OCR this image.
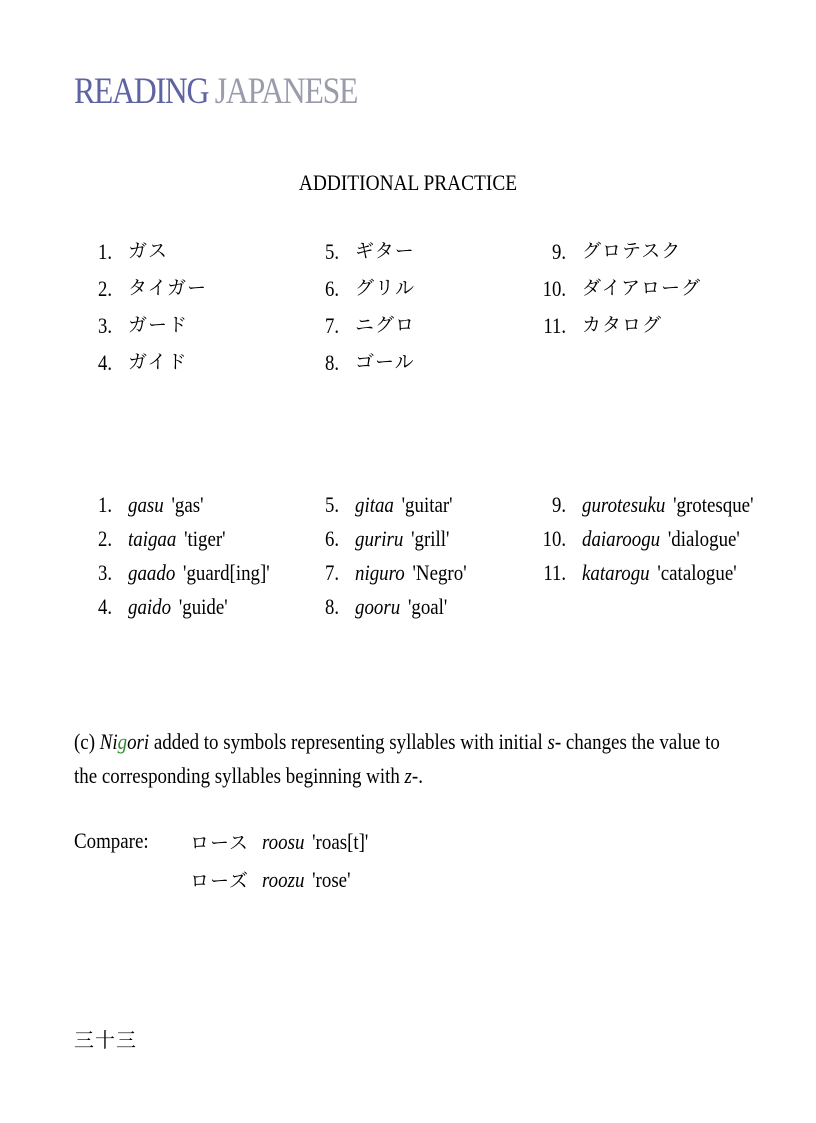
READING JAPANESE
ADDITIONAL PRACTICE
1. ガス
2. タイガー
3. ガード
4. ガイド
5. ギター
6. グリル
7. ニグロ
8. ゴール
9. グロテスク
10. ダイアローグ
11. カタログ
1. gasu 'gas'
2. taigaa 'tiger'
3. gaado 'guard[ing]'
4. gaido 'guide'
5. gitaa 'guitar'
6. guriru 'grill'
7. niguro 'Negro'
8. gooru 'goal'
9. gurotesuku 'grotesque'
10. daiaroogu 'dialogue'
11. katarogu 'catalogue'

(c) Nigori added to symbols representing syllables with initial s- changes the value to the corresponding syllables beginning with z-.

Compare: ロース roosu 'roas[t]'
ローズ roozu 'rose'
三十三
